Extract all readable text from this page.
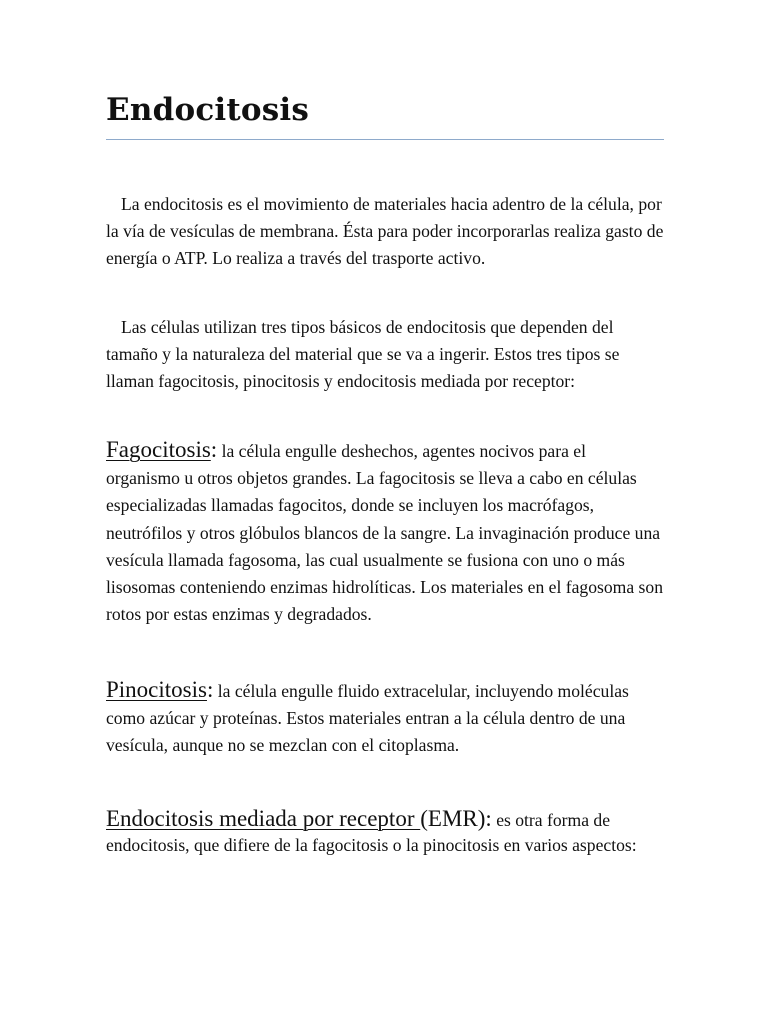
Endocitosis

La endocitosis es el movimiento de materiales hacia adentro de la célula, por la vía de vesículas de membrana. Ésta para poder incorporarlas realiza gasto de energía o ATP. Lo realiza a través del trasporte activo.

Las células utilizan tres tipos básicos de endocitosis que dependen del tamaño y la naturaleza del material que se va a ingerir. Estos tres tipos se llaman fagocitosis, pinocitosis y endocitosis mediada por receptor:

Fagocitosis: la célula engulle deshechos, agentes nocivos para el organismo u otros objetos grandes. La fagocitosis se lleva a cabo en células especializadas llamadas fagocitos, donde se incluyen los macrófagos, neutrófilos y otros glóbulos blancos de la sangre. La invaginación produce una vesícula llamada fagosoma, las cual usualmente se fusiona con uno o más lisosomas conteniendo enzimas hidrolíticas. Los materiales en el fagosoma son rotos por estas enzimas y degradados.

Pinocitosis: la célula engulle fluido extracelular, incluyendo moléculas como azúcar y proteínas. Estos materiales entran a la célula dentro de una vesícula, aunque no se mezclan con el citoplasma.

Endocitosis mediada por receptor (EMR): es otra forma de endocitosis, que difiere de la fagocitosis o la pinocitosis en varios aspectos:
